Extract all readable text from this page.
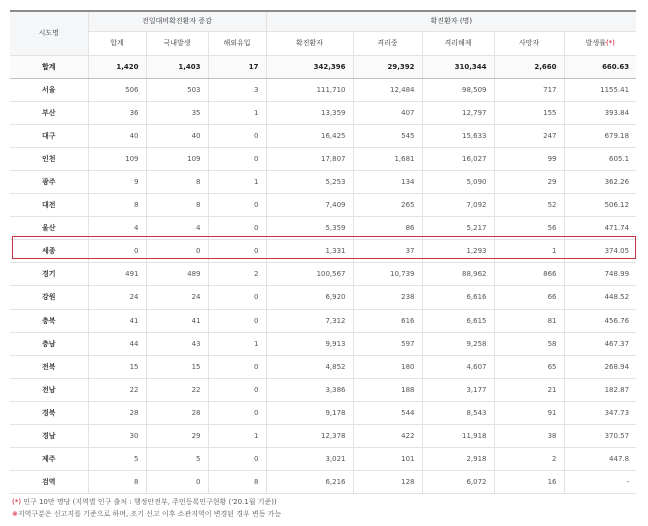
시도명	전일대비확진환자 증감			확진환자 (명)				
	합계	국내발생	해외유입	확진환자	격리중	격리해제	사망자	발생률(*)
합계	1,420	1,403	17	342,396	29,392	310,344	2,660	660.63
서울	506	503	3	111,710	12,484	98,509	717	1155.41
부산	36	35	1	13,359	407	12,797	155	393.84
대구	40	40	0	16,425	545	15,633	247	679.18
인천	109	109	0	17,807	1,681	16,027	99	605.1
광주	9	8	1	5,253	134	5,090	29	362.26
대전	8	8	0	7,409	265	7,092	52	506.12
울산	4	4	0	5,359	86	5,217	56	471.74
세종	0	0	0	1,331	37	1,293	1	374.05
경기	491	489	2	100,567	10,739	88,962	866	748.99
강원	24	24	0	6,920	238	6,616	66	448.52
충북	41	41	0	7,312	616	6,615	81	456.76
충남	44	43	1	9,913	597	9,258	58	467.37
전북	15	15	0	4,852	180	4,607	65	268.94
전남	22	22	0	3,386	188	3,177	21	182.87
경북	28	28	0	9,178	544	8,543	91	347.73
경남	30	29	1	12,378	422	11,918	38	370.57
제주	5	5	0	3,021	101	2,918	2	447.8
검역	8	0	8	6,216	128	6,072	16	-
(*) 인구 10만 명당 (지역별 인구 출처 : 행정안전부, 주민등록인구현황 ('20.1월 기준))
※지역구분은 신고지를 기준으로 하며, 조기 신고 이후 소관지역이 변경된 경우 변동 가능
